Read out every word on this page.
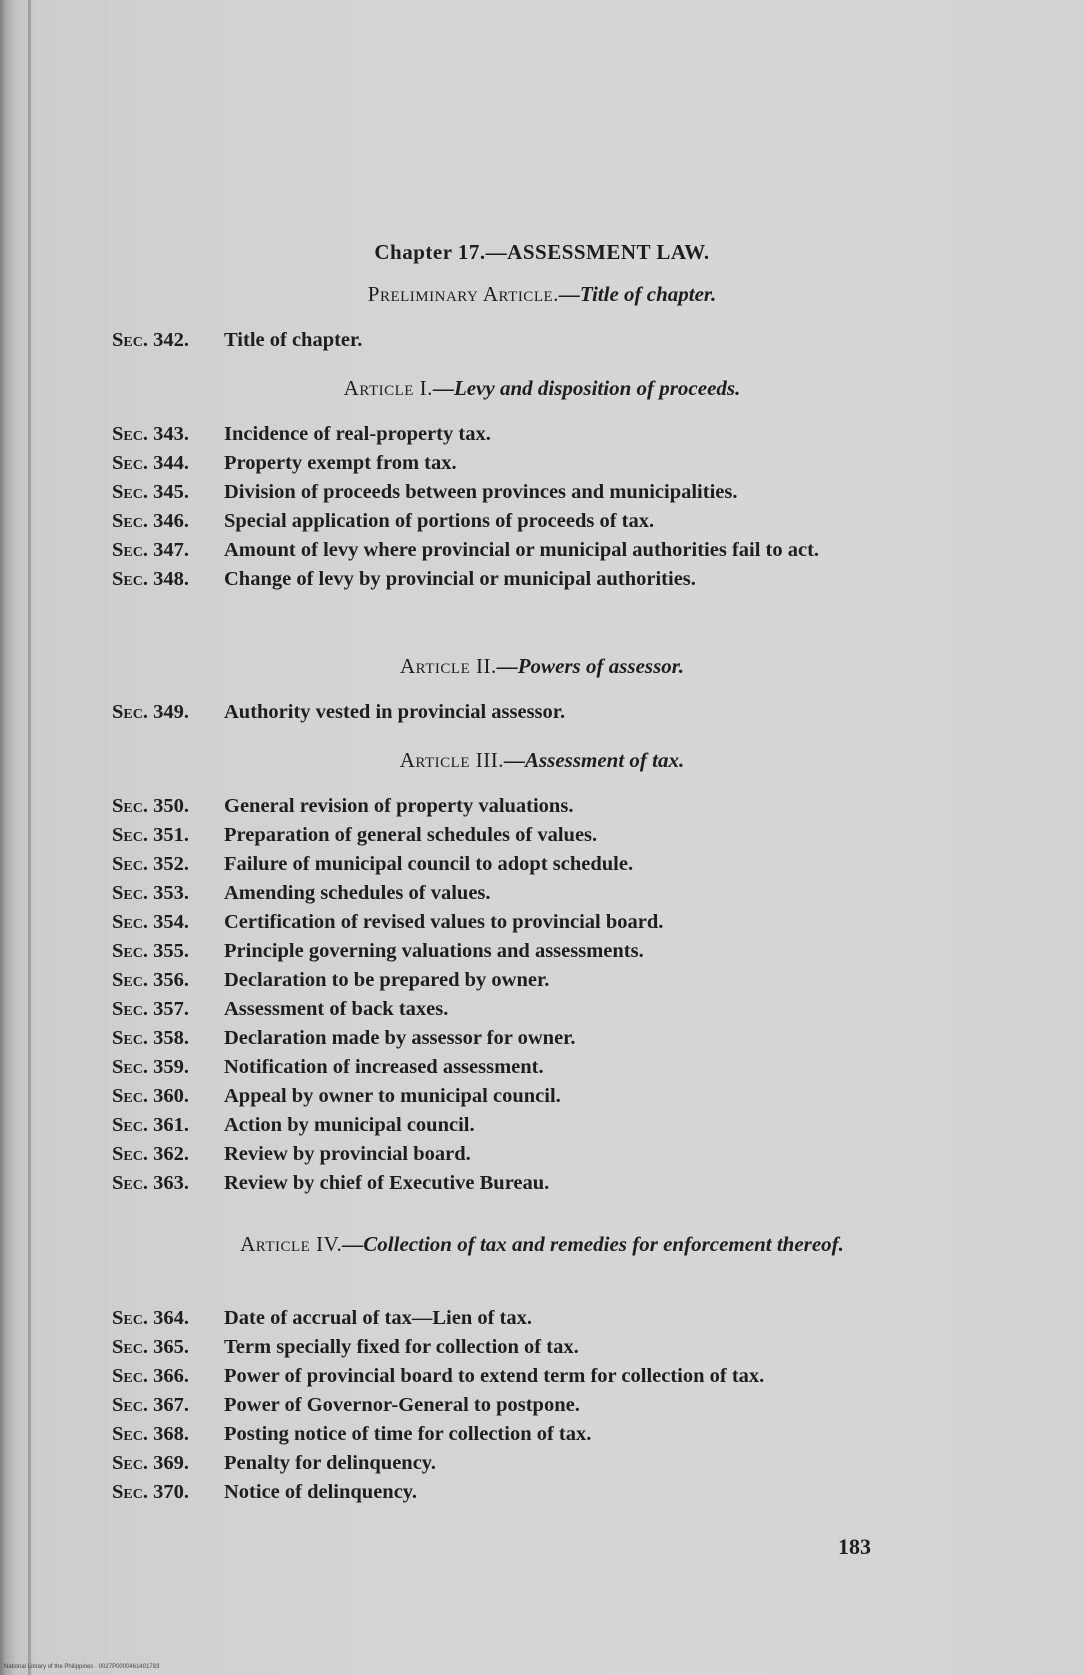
Chapter 17.—ASSESSMENT LAW.
Preliminary Article.—Title of chapter.
Sec. 342.	Title of chapter.
Article I.—Levy and disposition of proceeds.
Sec. 343.	Incidence of real-property tax.
Sec. 344.	Property exempt from tax.
Sec. 345.	Division of proceeds between provinces and municipalities.
Sec. 346.	Special application of portions of proceeds of tax.
Sec. 347.	Amount of levy where provincial or municipal authorities fail to act.
Sec. 348.	Change of levy by provincial or municipal authorities.
Article II.—Powers of assessor.
Sec. 349.	Authority vested in provincial assessor.
Article III.—Assessment of tax.
Sec. 350.	General revision of property valuations.
Sec. 351.	Preparation of general schedules of values.
Sec. 352.	Failure of municipal council to adopt schedule.
Sec. 353.	Amending schedules of values.
Sec. 354.	Certification of revised values to provincial board.
Sec. 355.	Principle governing valuations and assessments.
Sec. 356.	Declaration to be prepared by owner.
Sec. 357.	Assessment of back taxes.
Sec. 358.	Declaration made by assessor for owner.
Sec. 359.	Notification of increased assessment.
Sec. 360.	Appeal by owner to municipal council.
Sec. 361.	Action by municipal council.
Sec. 362.	Review by provincial board.
Sec. 363.	Review by chief of Executive Bureau.
Article IV.—Collection of tax and remedies for enforcement thereof.
Sec. 364.	Date of accrual of tax—Lien of tax.
Sec. 365.	Term specially fixed for collection of tax.
Sec. 366.	Power of provincial board to extend term for collection of tax.
Sec. 367.	Power of Governor-General to postpone.
Sec. 368.	Posting notice of time for collection of tax.
Sec. 369.	Penalty for delinquency.
Sec. 370.	Notice of delinquency.
183
National Library of the Philippines · 0027P0000461401783
